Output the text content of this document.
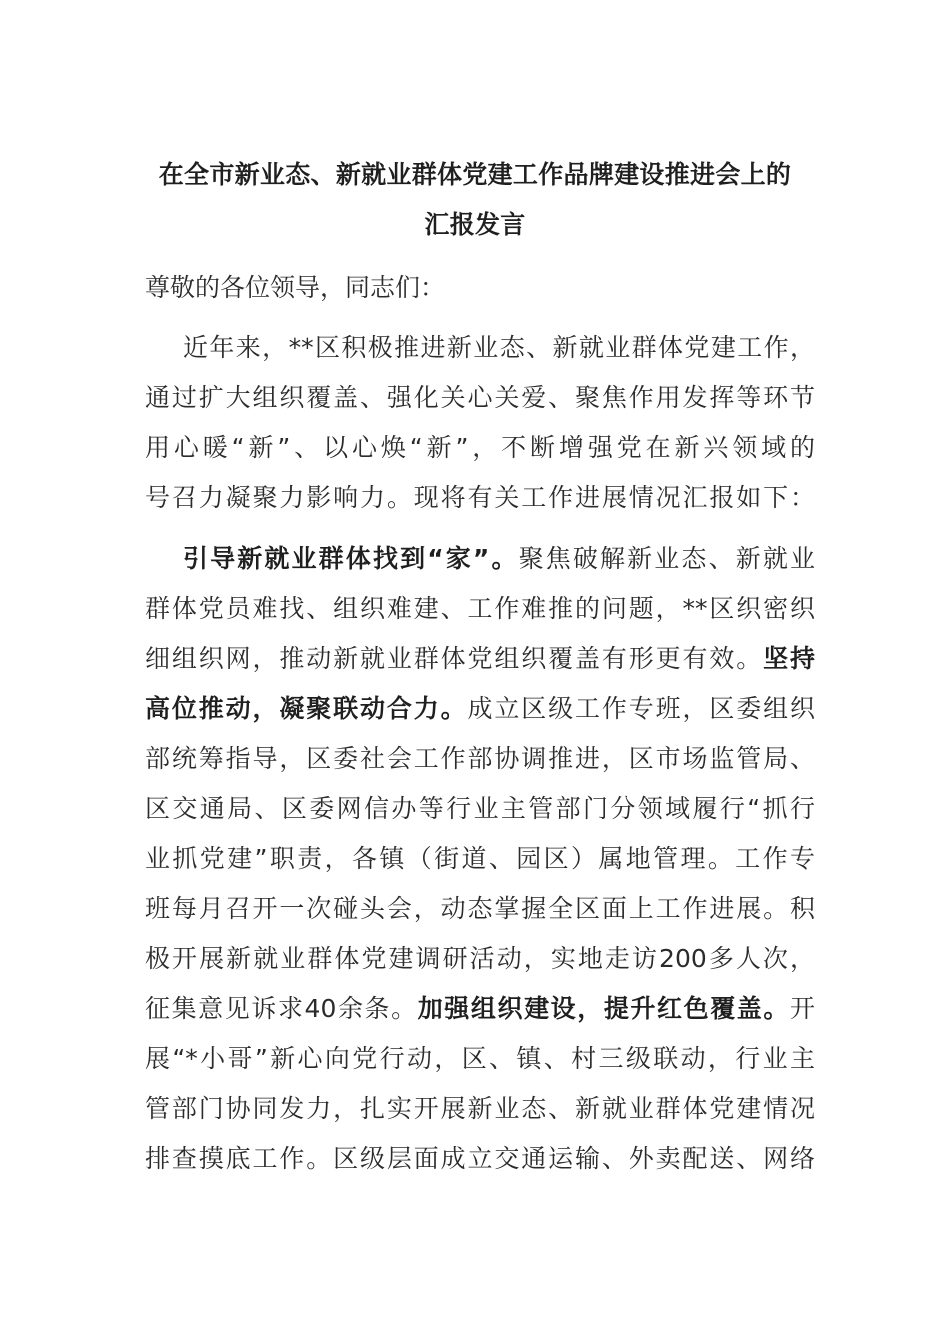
在全市新业态、新就业群体党建工作品牌建设推进会上的
汇报发言
尊敬的各位领导，同志们：
近年来，**区积极推进新业态、新就业群体党建工作，
通过扩大组织覆盖、强化关心关爱、聚焦作用发挥等环节
用心暖“新”、以心焕“新”，不断增强党在新兴领域的
号召力凝聚力影响力。现将有关工作进展情况汇报如下：
引导新就业群体找到“家”。聚焦破解新业态、新就业
群体党员难找、组织难建、工作难推的问题，**区织密织
细组织网，推动新就业群体党组织覆盖有形更有效。坚持
高位推动，凝聚联动合力。成立区级工作专班，区委组织
部统筹指导，区委社会工作部协调推进，区市场监管局、
区交通局、区委网信办等行业主管部门分领域履行“抓行
业抓党建”职责，各镇（街道、园区）属地管理。工作专
班每月召开一次碰头会，动态掌握全区面上工作进展。积
极开展新就业群体党建调研活动，实地走访200多人次，
征集意见诉求40余条。加强组织建设，提升红色覆盖。开
展“*小哥”新心向党行动，区、镇、村三级联动，行业主
管部门协同发力，扎实开展新业态、新就业群体党建情况
排查摸底工作。区级层面成立交通运输、外卖配送、网络
